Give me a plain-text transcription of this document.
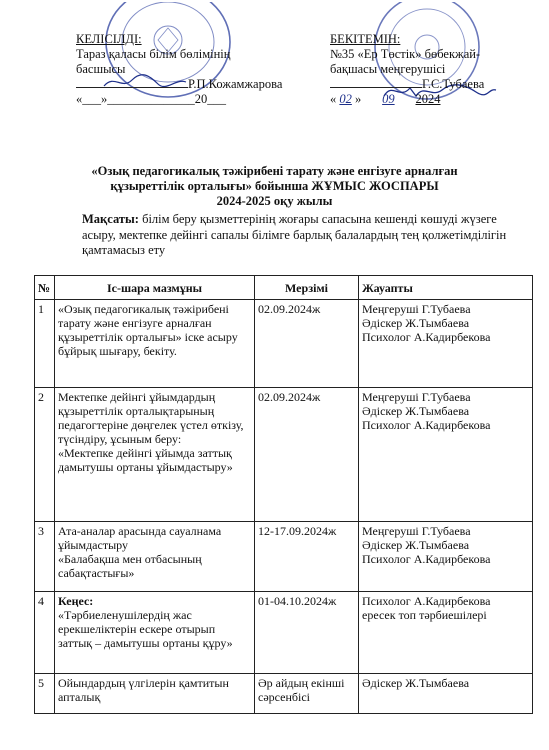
КЕЛІСІЛДІ:
Тараз қаласы білім бөлімінің
басшысы
Р.П.Кожамжарова
«___»______________20___
БЕКІТЕМІН:
№35 «Ер Төстік» бөбекжай-
бақшасы меңгерушісі
Г.С.Тубаева
« 02 » 09 2024
«Озық педагогикалық тәжірибені тарату және енгізуге арналған
құзыреттілік орталығы» бойынша ЖҰМЫС ЖОСПАРЫ
2024-2025 оқу жылы
Мақсаты: білім беру қызметтерінің жоғары сапасына кешенді көшуді жүзеге асыру, мектепке дейінгі сапалы білімге барлық балалардың тең қолжетімділігін қамтамасыз ету
№	Іс-шара мазмұны	Мерзімі	Жауапты
1	«Озық педагогикалық тәжірибені тарату және енгізуге арналған құзыреттілік орталығы» іске асыру бұйрық шығару, бекіту.	02.09.2024ж	Меңгеруші Г.Тубаева
Әдіскер Ж.Тымбаева
Психолог А.Кадирбекова
2	Мектепке дейінгі ұйымдардың құзыреттілік орталықтарының педагогтеріне дөңгелек үстел өткізу, түсіндіру, ұсыным беру:
«Мектепке дейінгі ұйымда заттық дамытушы ортаны ұйымдастыру»	02.09.2024ж	Меңгеруші Г.Тубаева
Әдіскер Ж.Тымбаева
Психолог А.Кадирбекова
3	Ата-аналар арасында сауалнама ұйымдастыру
«Балабақша мен отбасының сабақтастығы»	12-17.09.2024ж	Меңгеруші Г.Тубаева
Әдіскер Ж.Тымбаева
Психолог А.Кадирбекова
4	Кеңес:
«Тәрбиеленушілердің жас ерекшеліктерін ескере отырып заттық – дамытушы ортаны құру»	01-04.10.2024ж	Психолог А.Кадирбекова
ересек топ тәрбиешілері
5	Ойындардың үлгілерін қамтитын апталық	Әр айдың екінші сәрсенбісі	Әдіскер Ж.Тымбаева
